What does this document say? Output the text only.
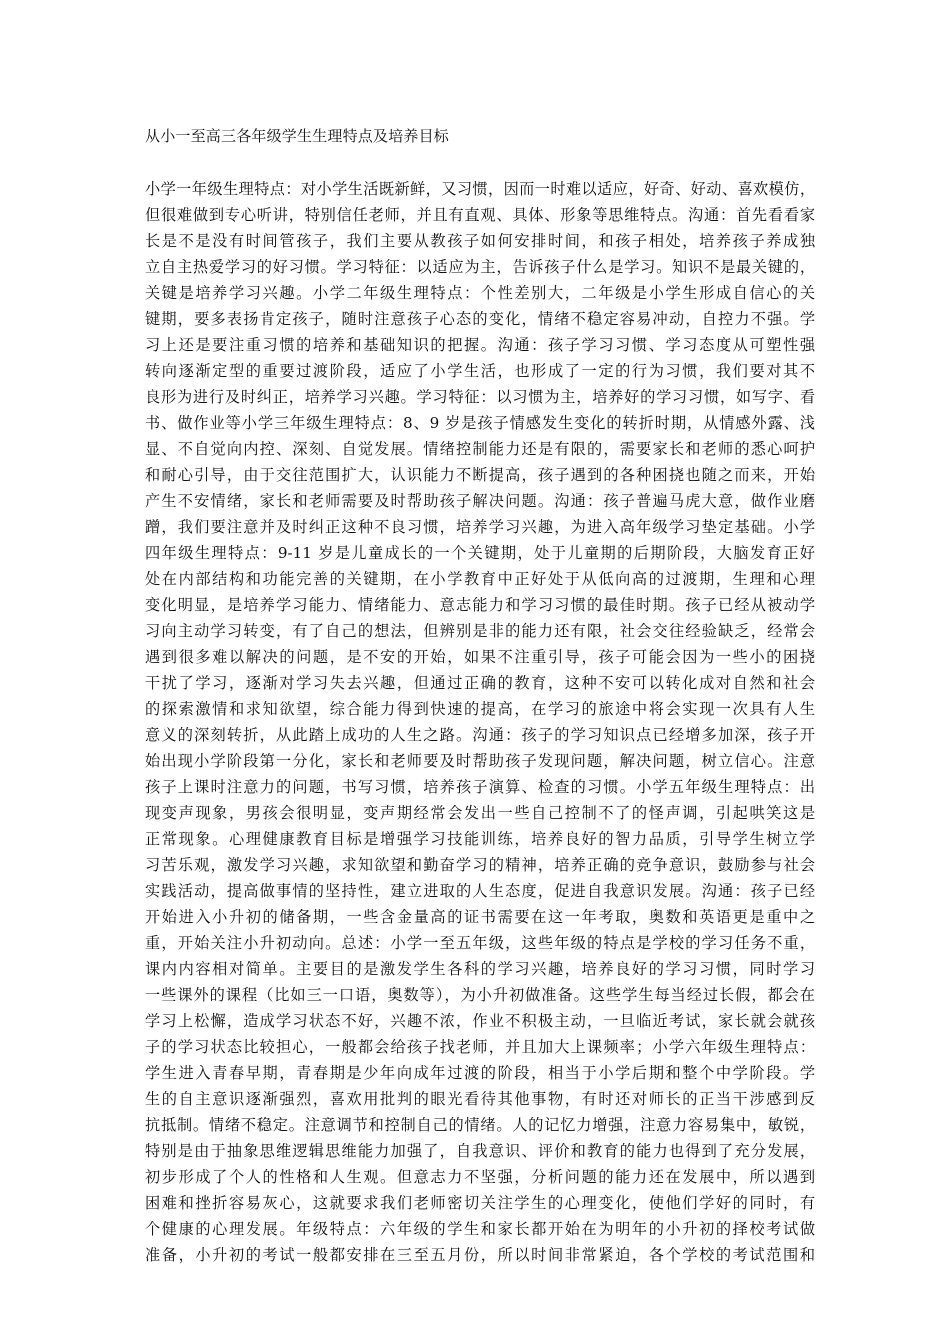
从小一至高三各年级学生生理特点及培养目标
小学一年级生理特点：对小学生活既新鲜，又习惯，因而一时难以适应，好奇、好动、喜欢模仿，
但很难做到专心听讲，特别信任老师，并且有直观、具体、形象等思维特点。沟通：首先看看家
长是不是没有时间管孩子，我们主要从教孩子如何安排时间，和孩子相处，培养孩子养成独
立自主热爱学习的好习惯。学习特征：以适应为主，告诉孩子什么是学习。知识不是最关键的，
关键是培养学习兴趣。小学二年级生理特点：个性差别大，二年级是小学生形成自信心的关
键期，要多表扬肯定孩子，随时注意孩子心态的变化，情绪不稳定容易冲动，自控力不强。学
习上还是要注重习惯的培养和基础知识的把握。沟通：孩子学习习惯、学习态度从可塑性强
转向逐渐定型的重要过渡阶段，适应了小学生活，也形成了一定的行为习惯，我们要对其不
良形为进行及时纠正，培养学习兴趣。学习特征：以习惯为主，培养好的学习习惯，如写字、看
书、做作业等小学三年级生理特点：8、9 岁是孩子情感发生变化的转折时期，从情感外露、浅
显、不自觉向内控、深刻、自觉发展。情绪控制能力还是有限的，需要家长和老师的悉心呵护
和耐心引导，由于交往范围扩大，认识能力不断提高，孩子遇到的各种困挠也随之而来，开始
产生不安情绪，家长和老师需要及时帮助孩子解决问题。沟通：孩子普遍马虎大意，做作业磨
蹭，我们要注意并及时纠正这种不良习惯，培养学习兴趣，为进入高年级学习垫定基础。小学
四年级生理特点：9-11 岁是儿童成长的一个关键期，处于儿童期的后期阶段，大脑发育正好
处在内部结构和功能完善的关键期，在小学教育中正好处于从低向高的过渡期，生理和心理
变化明显，是培养学习能力、情绪能力、意志能力和学习习惯的最佳时期。孩子已经从被动学
习向主动学习转变，有了自己的想法，但辨别是非的能力还有限，社会交往经验缺乏，经常会
遇到很多难以解决的问题，是不安的开始，如果不注重引导，孩子可能会因为一些小的困挠
干扰了学习，逐渐对学习失去兴趣，但通过正确的教育，这种不安可以转化成对自然和社会
的探索激情和求知欲望，综合能力得到快速的提高，在学习的旅途中将会实现一次具有人生
意义的深刻转折，从此踏上成功的人生之路。沟通：孩子的学习知识点已经增多加深，孩子开
始出现小学阶段第一分化，家长和老师要及时帮助孩子发现问题，解决问题，树立信心。注意
孩子上课时注意力的问题，书写习惯，培养孩子演算、检查的习惯。小学五年级生理特点：出
现变声现象，男孩会很明显，变声期经常会发出一些自己控制不了的怪声调，引起哄笑这是
正常现象。心理健康教育目标是增强学习技能训练，培养良好的智力品质，引导学生树立学
习苦乐观，激发学习兴趣，求知欲望和勤奋学习的精神，培养正确的竞争意识，鼓励参与社会
实践活动，提高做事情的坚持性，建立进取的人生态度，促进自我意识发展。沟通：孩子已经
开始进入小升初的储备期，一些含金量高的证书需要在这一年考取，奥数和英语更是重中之
重，开始关注小升初动向。总述：小学一至五年级，这些年级的特点是学校的学习任务不重，
课内内容相对简单。主要目的是激发学生各科的学习兴趣，培养良好的学习习惯，同时学习
一些课外的课程（比如三一口语，奥数等），为小升初做准备。这些学生每当经过长假，都会在
学习上松懈，造成学习状态不好，兴趣不浓，作业不积极主动，一旦临近考试，家长就会就孩
子的学习状态比较担心，一般都会给孩子找老师，并且加大上课频率；小学六年级生理特点：
学生进入青春早期，青春期是少年向成年过渡的阶段，相当于小学后期和整个中学阶段。学
生的自主意识逐渐强烈，喜欢用批判的眼光看待其他事物，有时还对师长的正当干涉感到反
抗抵制。情绪不稳定。注意调节和控制自己的情绪。人的记忆力增强，注意力容易集中，敏锐，
特别是由于抽象思维逻辑思维能力加强了，自我意识、评价和教育的能力也得到了充分发展，
初步形成了个人的性格和人生观。但意志力不坚强，分析问题的能力还在发展中，所以遇到
困难和挫折容易灰心，这就要求我们老师密切关注学生的心理变化，使他们学好的同时，有
个健康的心理发展。年级特点：六年级的学生和家长都开始在为明年的小升初的择校考试做
准备，小升初的考试一般都安排在三至五月份，所以时间非常紧迫，各个学校的考试范围和
